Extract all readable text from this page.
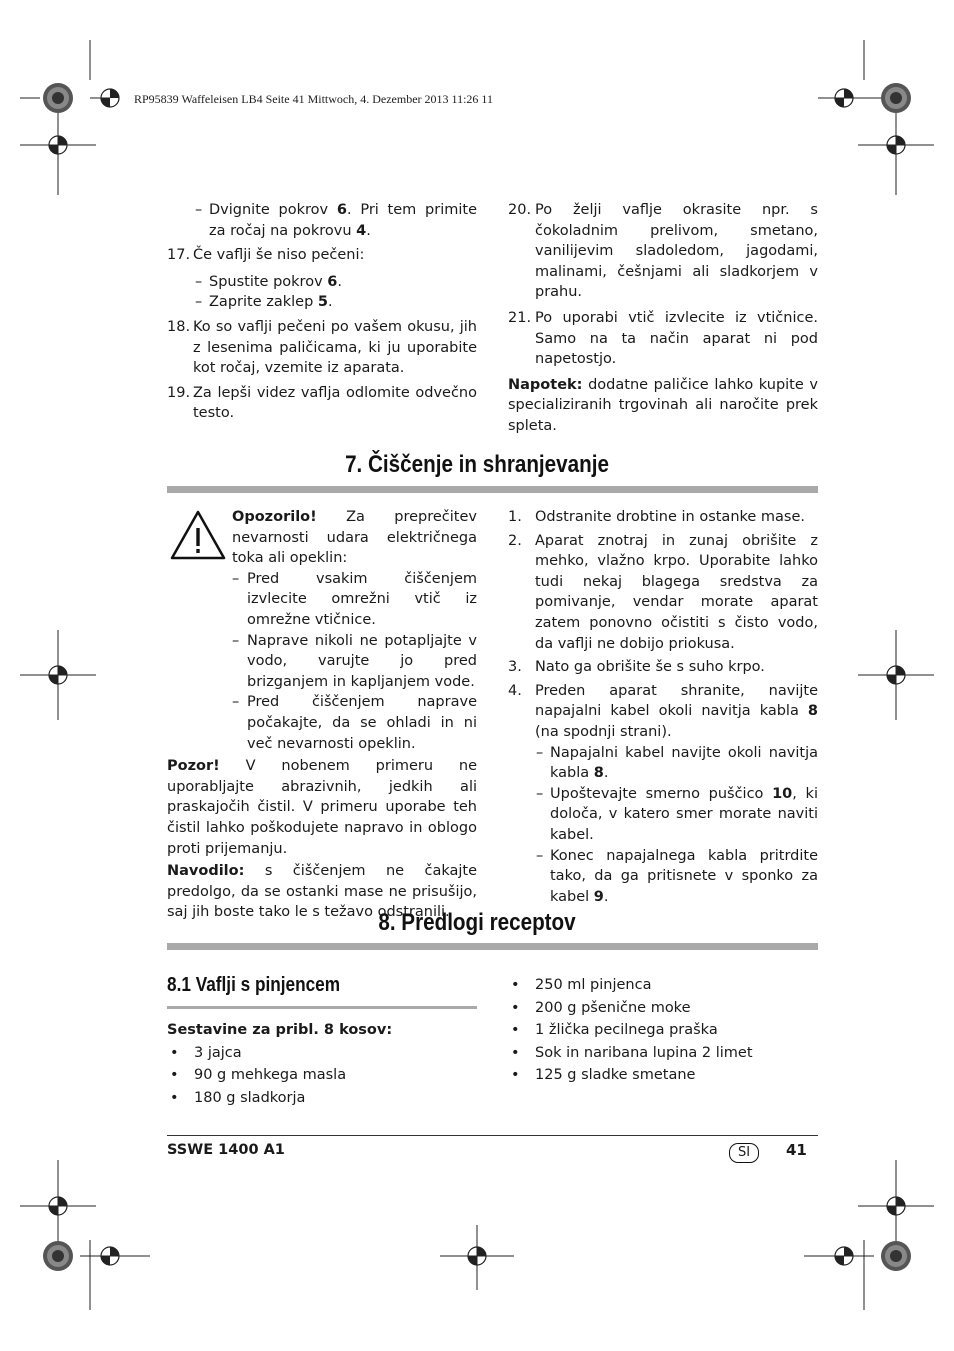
RP95839 Waffeleisen LB4 Seite 41 Mittwoch, 4. Dezember 2013 11:26 11
– Dvignite pokrov 6. Pri tem primite za ročaj na pokrovu 4.
17. Če vaflji še niso pečeni:
– Spustite pokrov 6.
– Zaprite zaklep 5.
18. Ko so vaflji pečeni po vašem okusu, jih z lesenima paličicama, ki ju uporabite kot ročaj, vzemite iz aparata.
19. Za lepši videz vaflja odlomite odvečno testo.
20. Po želji vaflje okrasite npr. s čokoladnim prelivom, smetano, vanilijevim sladoledom, jagodami, malinami, češnjami ali sladkorjem v prahu.
21. Po uporabi vtič izvlecite iz vtičnice. Samo na ta način aparat ni pod napetostjo.
Napotek: dodatne paličice lahko kupite v specializiranih trgovinah ali naročite prek spleta.
7. Čiščenje in shranjevanje
Opozorilo! Za preprečitev nevarnosti udara električnega toka ali opeklin:
– Pred vsakim čiščenjem izvlecite omrežni vtič iz omrežne vtičnice.
– Naprave nikoli ne potapljajte v vodo, varujte jo pred brizganjem in kapljanjem vode.
– Pred čiščenjem naprave počakajte, da se ohladi in ni več nevarnosti opeklin.
Pozor! V nobenem primeru ne uporabljajte abrazivnih, jedkih ali praskajočih čistil. V primeru uporabe teh čistil lahko poškodujete napravo in oblogo proti prijemanju.
Navodilo: s čiščenjem ne čakajte predolgo, da se ostanki mase ne prisušijo, saj jih boste tako le s težavo odstranili.
1. Odstranite drobtine in ostanke mase.
2. Aparat znotraj in zunaj obrišite z mehko, vlažno krpo. Uporabite lahko tudi nekaj blagega sredstva za pomivanje, vendar morate aparat zatem ponovno očistiti s čisto vodo, da vaflji ne dobijo priokusa.
3. Nato ga obrišite še s suho krpo.
4. Preden aparat shranite, navijte napajalni kabel okoli navitja kabla 8 (na spodnji strani).
– Napajalni kabel navijte okoli navitja kabla 8.
– Upoštevajte smerno puščico 10, ki določa, v katero smer morate naviti kabel.
– Konec napajalnega kabla pritrdite tako, da ga pritisnete v sponko za kabel 9.
8. Predlogi receptov
8.1 Vaflji s pinjencem
Sestavine za pribl. 8 kosov:
• 3 jajca
• 90 g mehkega masla
• 180 g sladkorja
• 250 ml pinjenca
• 200 g pšenične moke
• 1 žlička pecilnega praška
• Sok in naribana lupina 2 limet
• 125 g sladke smetane
SSWE 1400 A1	SI	41
